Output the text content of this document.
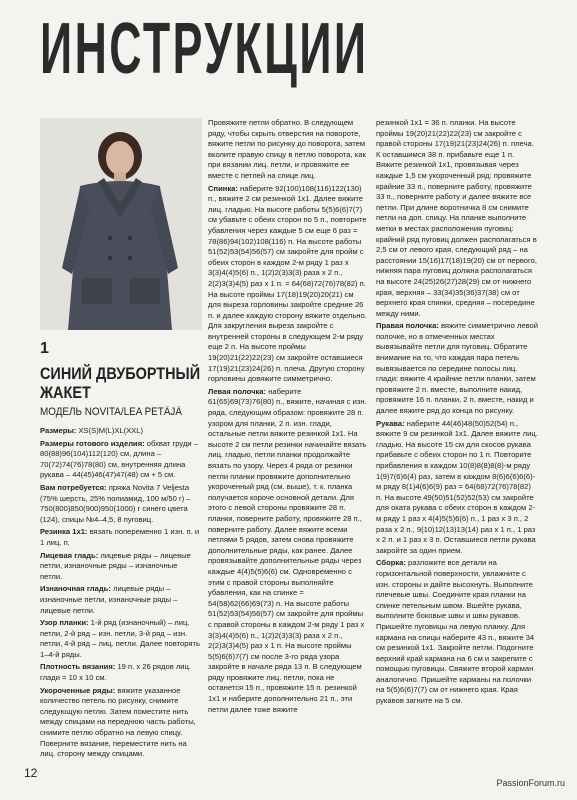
ИНСТРУКЦИИ
1
СИНИЙ ДВУБОРТНЫЙ ЖАКЕТ
МОДЕЛЬ NOVITA/LEA PETÄJÄ

Размеры: XS(S)M(L)XL(XXL)

Размеры готового изделия: обхват груди – 80(88)96(104)112(120) см, длина – 70(72)74(76)78(80) см, внутренняя длина рукава – 44(45)46(47)47(48) см + 5 см.

Вам потребуется: пряжа Novita 7 Veljesta (75% шерсть, 25% полиамид, 100 м/50 г) – 750(800)850(900)950(1000) г синего цвета (124), спицы №4–4,5, 8 пуговиц.

Резинка 1х1: вязать попеременно 1 изн. п. и 1 лиц. п.

Лицевая гладь: лицевые ряды – лицевые петли, изнаночные ряды – изнаночные петли.

Изнаночная гладь: лицевые ряды – изнаночные петли, изнаночные ряды – лицевые петли.

Узор планки: 1-й ряд (изнаночный) – лиц. петли, 2-й ряд – изн. петли, 3-й ряд – изн. петли, 4-й ряд – лиц. петли. Далее повторять 1–4-й ряды.

Плотность вязания: 19 п. х 26 рядов лиц. глади = 10 х 10 см.

Укороченные ряды: вяжите указанное количество петель по рисунку, снимите следующую петлю. Затем поместите нить между спицами на переднюю часть работы, снимите петлю обратно на левую спицу. Поверните вязание, переместите нить на лиц. сторону между спицами.

Провяжите петли обратно. В следующем ряду, чтобы скрыть отверстия на повороте, вяжите петли по рисунку до поворота, затем вколите правую спицу в петлю поворота, как при вязании лиц. петли, и провяжите ее вместе с петлей на спице лиц.

Спинка: наберите 92(100)108(116)122(130) п., вяжите 2 см резинкой 1х1. Далее вяжите лиц. гладью. На высоте работы 5(5)6(6)7(7) см убавьте с обеих сторон по 5 п., повторите убавления через каждые 5 см еще 6 раз = 78(86)94(102)108(116) п. На высоте работы 51(52)53(54)56(57) см закройте для пройм с обеих сторон в каждом 2-м ряду 1 раз х 3(3)4(4)5(6) п., 1(2)2(3)3(3) раза х 2 п., 2(2)3(3)4(5) раз х 1 п. = 64(68)72(76)78(82) п. На высоте проймы 17(18)19(20)20(21) см для выреза горловины закройте средние 26 п. и далее каждую сторону вяжите отдельно. Для закругления выреза закройте с внутренней стороны в следующем 2-м ряду еще 2 п. На высоте проймы 19(20)21(22)22(23) см закройте оставшиеся 17(19)21(23)24(26) п. плеча. Другую сторону горловины довяжите симметрично.

Левая полочка: наберите 61(65)69(73)76(80) п., вяжите, начиная с изн. ряда, следующим образом: провяжите 28 п. узором для планки, 2 п. изн. глади, остальные петли вяжите резинкой 1х1. На высоте 2 см петли резинки начинайте вязать лиц. гладью, петли планки продолжайте вязать по узору. Через 4 ряда от резинки петли планки провяжите дополнительно укороченный ряд (см. выше), т. к. планка получается короче основной детали. Для этого с левой стороны провяжите 28 п. планки, поверните работу, провяжите 28 п., поверните работу. Далее вяжите всеми петлями 5 рядов, затем снова провяжите дополнительные ряды, как ранее. Далее провязывайте дополнительные ряды через каждые 4(4)5(5)6(6) см. Одновременно с этим с правой стороны выполняйте убавления, как на спинке = 54(58)62(66)69(73) п. На высоте работы 51(52)53(54)56(57) см закройте для проймы с правой стороны в каждом 2-м ряду 1 раз х 3(3)4(4)5(6) п., 1(2)2(3)3(3) раза х 2 п., 2(2)3(3)4(5) раз х 1 п. На высоте проймы 5(5)6(6)7(7) см после 3-го ряда узора закройте в начале ряда 13 п. В следующем ряду провяжите лиц. петли, пока не останется 15 п., провяжите 15 п. резинкой 1х1 и наберите дополнительно 21 п., эти петли далее тоже вяжите

резинкой 1х1 = 36 п. планки. На высоте проймы 19(20)21(22)22(23) см закройте с правой стороны 17(19)21(23)24(26) п. плеча. К оставшимся 38 п. прибавьте еще 1 п. Вяжите резинкой 1х1, провязывая через каждые 1,5 см укороченный ряд: провяжите крайние 33 п., поверните работу, провяжите 33 п., поверните работу и далее вяжите все петли. При длине воротничка 8 см снимите петли на доп. спицу. На планке выполните метки в местах расположения пуговиц: крайний ряд пуговиц должен располагаться в 2,5 см от левого края, следующий ряд – на расстоянии 15(16)17(18)19(20) см от первого, нижняя пара пуговиц должна располагаться на высоте 24(25)26(27)28(29) см от нижнего края, верхняя – 33(34)35(36)37(38) см от верхнего края спинки, средняя – посередине между ними.

Правая полочка: вяжите симметрично левой полочке, но в отмеченных местах вывязывайте петли для пуговиц. Обратите внимание на то, что каждая пара петель вывязывается по середине полосы лиц. глади: вяжите 4 крайние петли планки, затем провяжите 2 п. вместе, выполните накид, провяжите 16 п. планки, 2 п. вместе, накид и далее вяжите ряд до конца по рисунку.

Рукава: наберите 44(46)48(50)52(54) п., вяжите 9 см резинкой 1х1. Далее вяжите лиц. гладью. На высоте 15 см для скосов рукава прибавьте с обеих сторон по 1 п. Повторите прибавления в каждом 10(8)8(8)8(8)-м ряду 1(9)7(6)6(4) раз, затем в каждом 8(6)6(6)6(6)-м ряду 8(1)4(6)6(9) раз = 64(68)72(76)78(82) п. На высоте 49(50)51(52)52(53) см закройте для оката рукава с обеих сторон в каждом 2-м ряду 1 раз х 4(4)5(5)6(6) п., 1 раз х 3 п., 2 раза х 2 п., 9(10)12(13)13(14) раз х 1 п., 1 раз х 2 п. и 1 раз х 3 п. Оставшиеся петли рукава закройте за один прием.

Сборка: разложите все детали на горизонтальной поверхности, увлажните с изн. стороны и дайте высохнуть. Выполните плечевые швы. Соедините края планки на спинке петельным швом. Вшейте рукава, выполните боковые швы и швы рукавов. Пришейте пуговицы на левую планку. Для кармана на спицы наберите 43 п., вяжите 34 см резинкой 1х1. Закройте петли. Подогните верхний край кармана на 6 см и закрепите с помощью пуговицы. Свяжите второй карман аналогично. Пришейте карманы на полочки на 5(5)6(6)7(7) см от нижнего края. Края рукавов загните на 5 см.

12
PassionForum.ru
